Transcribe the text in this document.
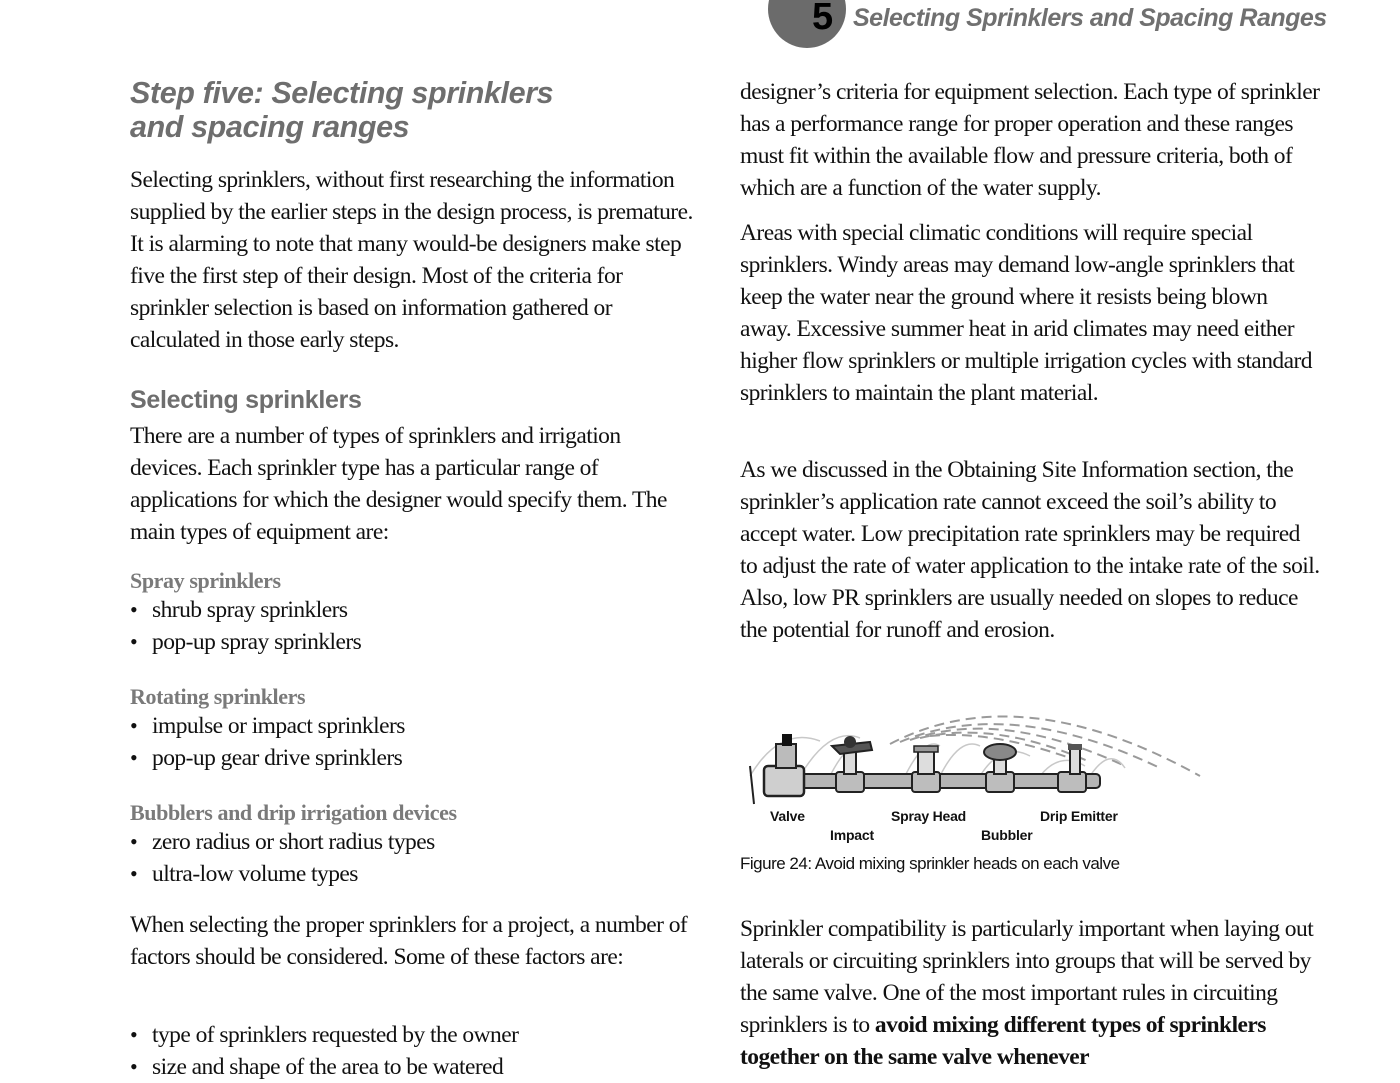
5 Selecting Sprinklers and Spacing Ranges
Step five: Selecting sprinklers
and spacing ranges

Selecting sprinklers, without first researching the information supplied by the earlier steps in the design process, is premature. It is alarming to note that many would-be designers make step five the first step of their design. Most of the criteria for sprinkler selection is based on information gathered or calculated in those early steps.

Selecting sprinklers

There are a number of types of sprinklers and irrigation devices. Each sprinkler type has a particular range of applications for which the designer would specify them. The main types of equipment are:

Spray sprinklers
• shrub spray sprinklers
• pop-up spray sprinklers
Rotating sprinklers
• impulse or impact sprinklers
• pop-up gear drive sprinklers
Bubblers and drip irrigation devices
• zero radius or short radius types
• ultra-low volume types

When selecting the proper sprinklers for a project, a number of factors should be considered. Some of these factors are:

• type of sprinklers requested by the owner
• size and shape of the area to be watered

designer’s criteria for equipment selection. Each type of sprinkler has a performance range for proper operation and these ranges must fit within the available flow and pressure criteria, both of which are a function of the water supply.

Areas with special climatic conditions will require special sprinklers. Windy areas may demand low-angle sprinklers that keep the water near the ground where it resists being blown away. Excessive summer heat in arid climates may need either higher flow sprinklers or multiple irrigation cycles with standard sprinklers to maintain the plant material.

As we discussed in the Obtaining Site Information section, the sprinkler’s application rate cannot exceed the soil’s ability to accept water. Low precipitation rate sprinklers may be required to adjust the rate of water application to the intake rate of the soil. Also, low PR sprinklers are usually needed on slopes to reduce the potential for runoff and erosion.

Valve
Impact
Spray Head
Bubbler
Drip Emitter
Figure 24: Avoid mixing sprinkler heads on each valve

Sprinkler compatibility is particularly important when laying out laterals or circuiting sprinklers into groups that will be served by the same valve. One of the most important rules in circuiting sprinklers is to avoid mixing different types of sprinklers together on the same valve whenever
